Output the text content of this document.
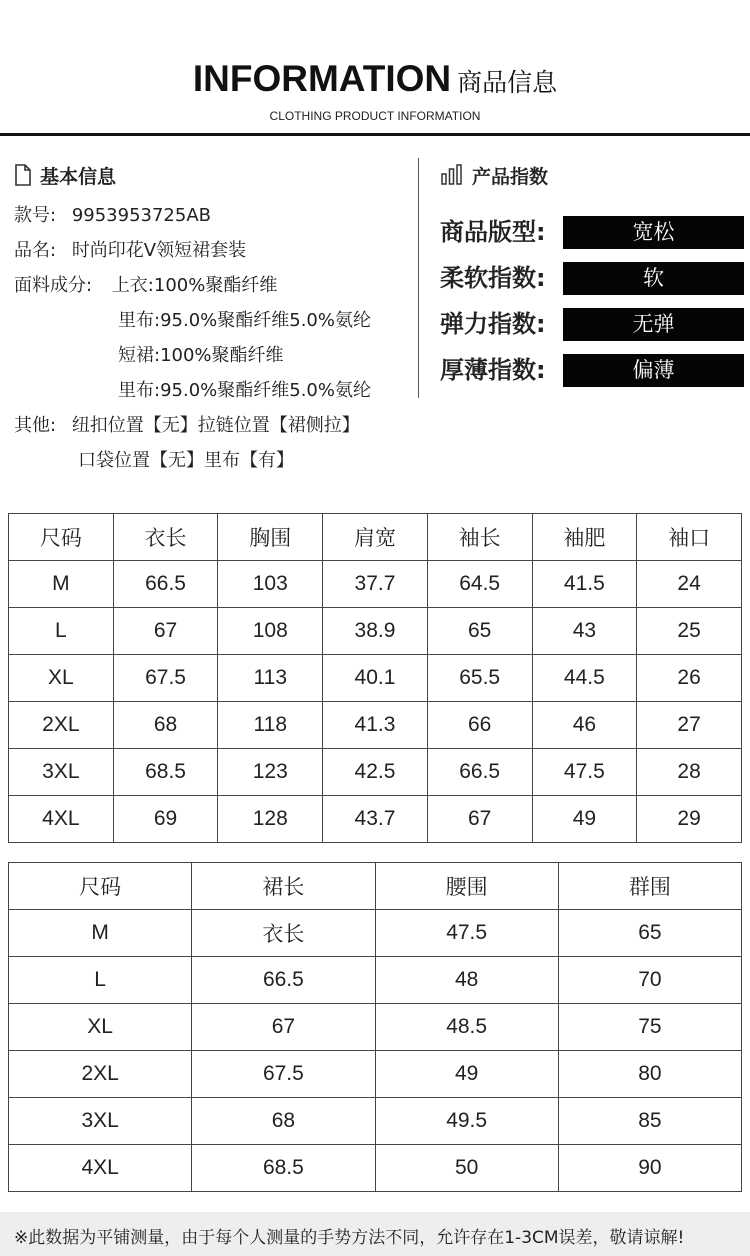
INFORMATION 商品信息
CLOTHING PRODUCT INFORMATION
基本信息
款号: 9953953725AB
品名: 时尚印花V领短裙套装
面料成分: 上衣:100%聚酯纤维
里布:95.0%聚酯纤维5.0%氨纶
短裙:100%聚酯纤维
里布:95.0%聚酯纤维5.0%氨纶
其他: 纽扣位置【无】拉链位置【裙侧拉】
口袋位置【无】里布【有】
产品指数
商品版型:	宽松
柔软指数:	软
弹力指数:	无弹
厚薄指数:	偏薄
尺码	衣长	胸围	肩宽	袖长	袖肥	袖口
M	66.5	103	37.7	64.5	41.5	24
L	67	108	38.9	65	43	25
XL	67.5	113	40.1	65.5	44.5	26
2XL	68	118	41.3	66	46	27
3XL	68.5	123	42.5	66.5	47.5	28
4XL	69	128	43.7	67	49	29
尺码	裙长	腰围	群围
M	衣长	47.5	65
L	66.5	48	70
XL	67	48.5	75
2XL	67.5	49	80
3XL	68	49.5	85
4XL	68.5	50	90
※此数据为平铺测量，由于每个人测量的手势方法不同，允许存在1-3CM误差，敬请谅解!
